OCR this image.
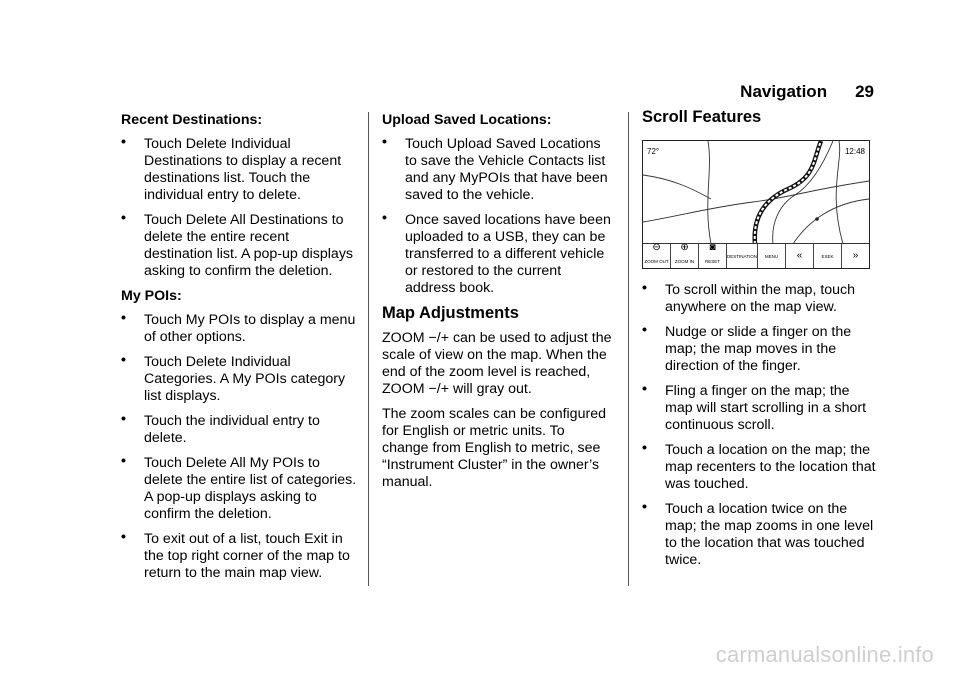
Navigation 29
Recent Destinations:
• Touch Delete Individual Destinations to display a recent destinations list. Touch the individual entry to delete.
• Touch Delete All Destinations to delete the entire recent destination list. A pop-up displays asking to confirm the deletion.
My POIs:
• Touch My POIs to display a menu of other options.
• Touch Delete Individual Categories. A My POIs category list displays.
• Touch the individual entry to delete.
• Touch Delete All My POIs to delete the entire list of categories. A pop-up displays asking to confirm the deletion.
• To exit out of a list, touch Exit in the top right corner of the map to return to the main map view.
Upload Saved Locations:
• Touch Upload Saved Locations to save the Vehicle Contacts list and any MyPOIs that have been saved to the vehicle.
• Once saved locations have been uploaded to a USB, they can be transferred to a different vehicle or restored to the current address book.
Map Adjustments

ZOOM −/+ can be used to adjust the scale of view on the map. When the end of the zoom level is reached, ZOOM −/+ will gray out.

The zoom scales can be configured for English or metric units. To change from English to metric, see “Instrument Cluster” in the owner’s manual.

Scroll Features
72°	12:48
⊖
ZOOM OUT
⊕
ZOOM IN
◙
RESET
DESTINATION MENU «	EXEK »
• To scroll within the map, touch anywhere on the map view.
• Nudge or slide a finger on the map; the map moves in the direction of the finger.
• Fling a finger on the map; the map will start scrolling in a short continuous scroll.
• Touch a location on the map; the map recenters to the location that was touched.
• Touch a location twice on the map; the map zooms in one level to the location that was touched twice.
carmanualsonline.info
